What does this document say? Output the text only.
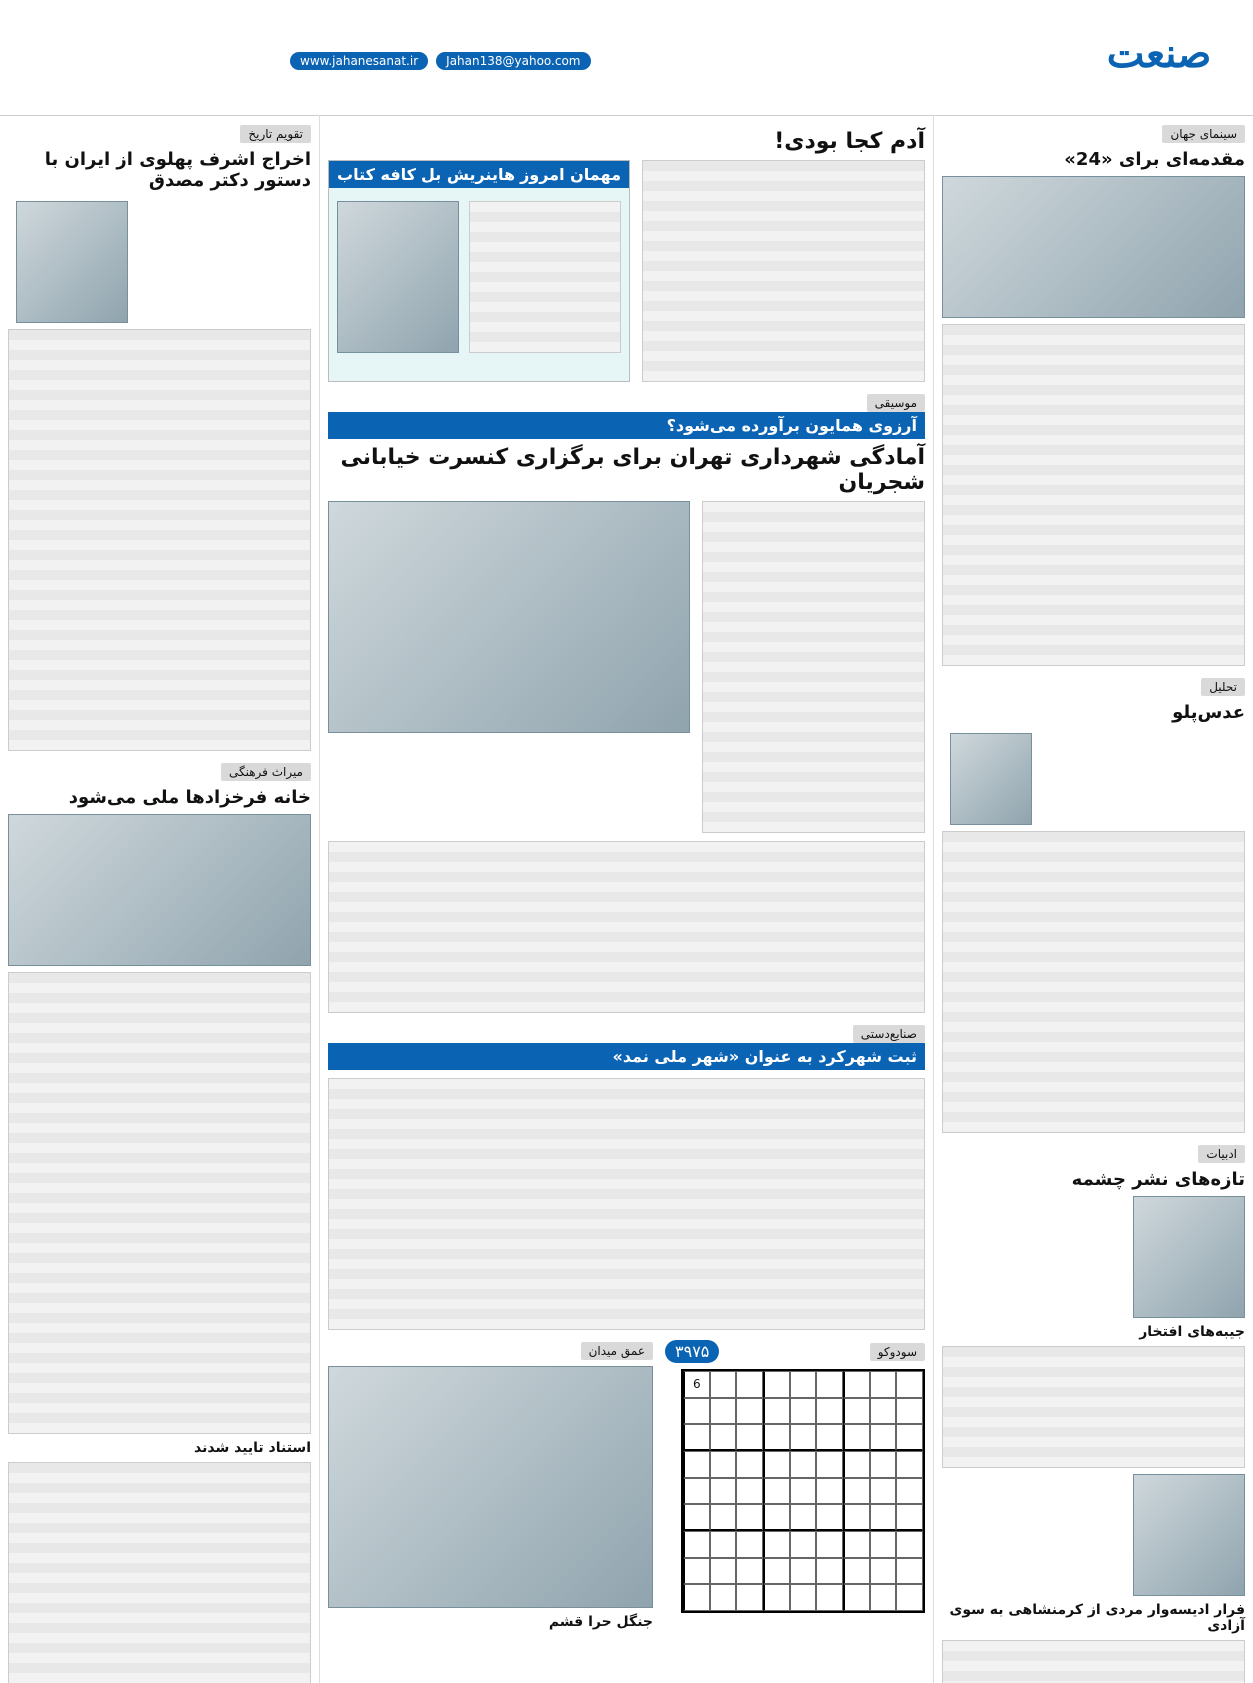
صنعت
www.jahanesanat.ir	Jahan138@yahoo.com
سینمای جهان
مقدمه‌ای برای «24»
تحلیل
عدس‌پلو
ادبیات
تازه‌های نشر چشمه
جیبه‌های افتخار
فرار ادیسه‌وار مردی از کرمنشاهی به سوی آزادی
آدم کجا بودی!
مهمان امروز
هاینریش بل
کافه کتاب
موسیقی
آرزوی همایون برآورده می‌شود؟
آمادگی شهرداری تهران برای برگزاری کنسرت خیابانی شجریان
صنایع‌دستی
ثبت شهرکرد به عنوان «شهر ملی نمد»
سودوکو
۳۹۷۵
6
عمق میدان
جنگل حرا قشم
تقویم تاریخ
اخراج اشرف پهلوی از ایران با دستور دکتر مصدق
میراث فرهنگی
خانه فرخزادها ملی می‌شود
استناد تایید شدند
